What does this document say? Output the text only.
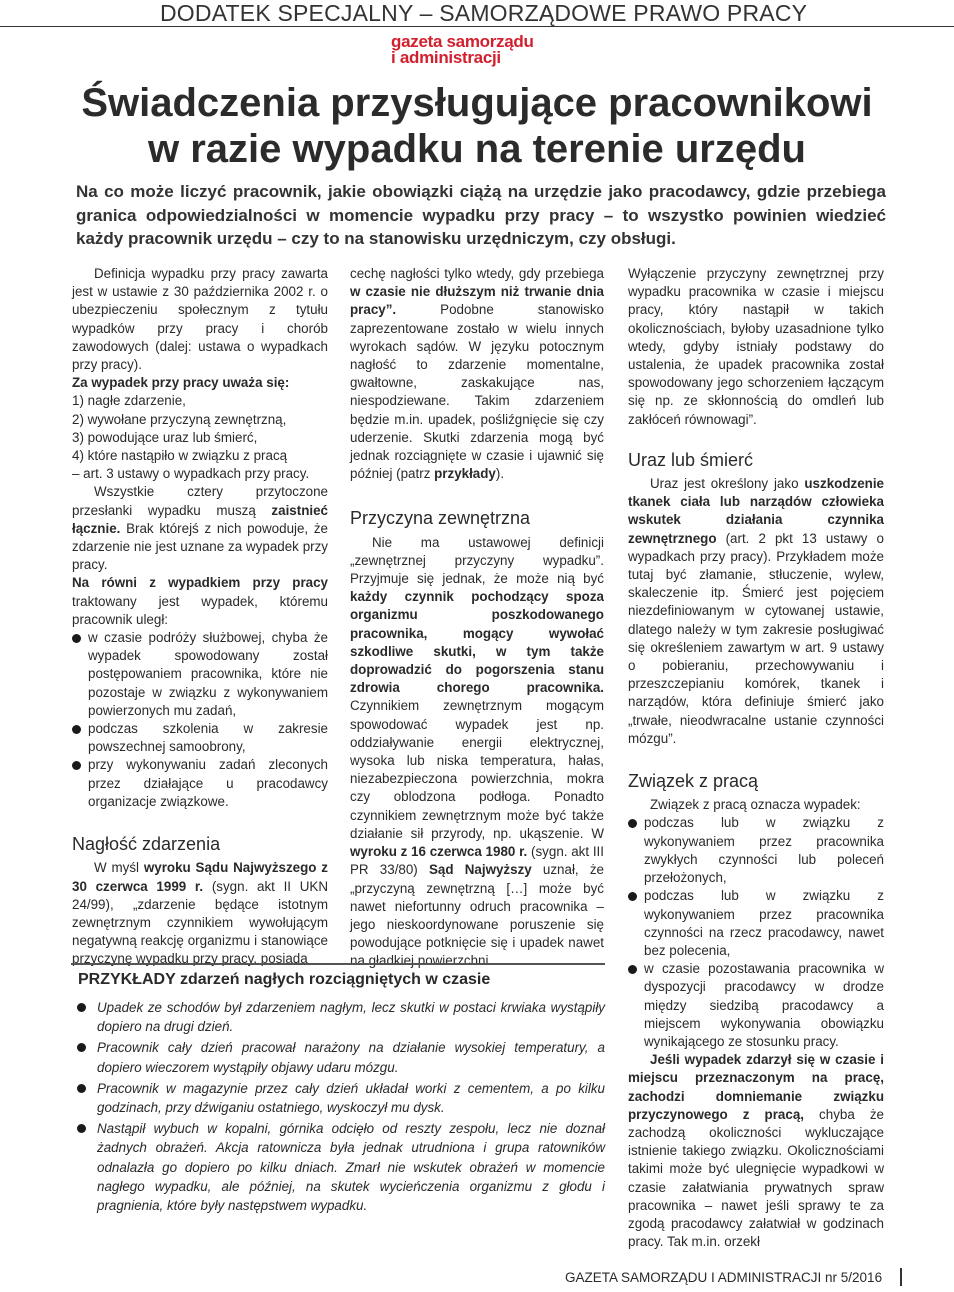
DODATEK SPECJALNY – SAMORZĄDOWE PRAWO PRACY
gazeta samorządu
i administracji
Świadczenia przysługujące pracownikowi
w razie wypadku na terenie urzędu

Na co może liczyć pracownik, jakie obowiązki ciążą na urzędzie jako pracodawcy, gdzie przebiega granica odpowiedzialności w momencie wypadku przy pracy – to wszystko powinien wiedzieć każdy pracownik urzędu – czy to na stanowisku urzędniczym, czy obsługi.

Definicja wypadku przy pracy zawarta jest w ustawie z 30 października 2002 r. o ubezpieczeniu społecznym z tytułu wypadków przy pracy i chorób zawodowych (dalej: ustawa o wypadkach przy pracy).

Za wypadek przy pracy uważa się:

1) nagłe zdarzenie,

2) wywołane przyczyną zewnętrzną,

3) powodujące uraz lub śmierć,

4) które nastąpiło w związku z pracą

– art. 3 ustawy o wypadkach przy pracy.

Wszystkie cztery przytoczone przesłanki wypadku muszą zaistnieć łącznie. Brak którejś z nich powoduje, że zdarzenie nie jest uznane za wypadek przy pracy.

Na równi z wypadkiem przy pracy traktowany jest wypadek, któremu pracownik uległ:

w czasie podróży służbowej, chyba że wypadek spowodowany został postępowaniem pracownika, które nie pozostaje w związku z wykonywaniem powierzonych mu zadań,
podczas szkolenia w zakresie powszechnej samoobrony,
przy wykonywaniu zadań zleconych przez działające u pracodawcy organizacje związkowe.
Nagłość zdarzenia

W myśl wyroku Sądu Najwyższego z 30 czerwca 1999 r. (sygn. akt II UKN 24/99), „zdarzenie będące istotnym zewnętrznym czynnikiem wywołującym negatywną reakcję organizmu i stanowiące przyczynę wypadku przy pracy, posiada

cechę nagłości tylko wtedy, gdy przebiega w czasie nie dłuższym niż trwanie dnia pracy”. Podobne stanowisko zaprezentowane zostało w wielu innych wyrokach sądów. W języku potocznym nagłość to zdarzenie momentalne, gwałtowne, zaskakujące nas, niespodziewane. Takim zdarzeniem będzie m.in. upadek, pośliźgnięcie się czy uderzenie. Skutki zdarzenia mogą być jednak rozciągnięte w czasie i ujawnić się później (patrz przykłady).

Przyczyna zewnętrzna

Nie ma ustawowej definicji „zewnętrznej przyczyny wypadku”. Przyjmuje się jednak, że może nią być każdy czynnik pochodzący spoza organizmu poszkodowanego pracownika, mogący wywołać szkodliwe skutki, w tym także doprowadzić do pogorszenia stanu zdrowia chorego pracownika. Czynnikiem zewnętrznym mogącym spowodować wypadek jest np. oddziaływanie energii elektrycznej, wysoka lub niska temperatura, hałas, niezabezpieczona powierzchnia, mokra czy oblodzona podłoga. Ponadto czynnikiem zewnętrznym może być także działanie sił przyrody, np. ukąszenie. W wyroku z 16 czerwca 1980 r. (sygn. akt III PR 33/80) Sąd Najwyższy uznał, że „przyczyną zewnętrzną […] może być nawet niefortunny odruch pracownika – jego nieskoordynowane poruszenie się powodujące potknięcie się i upadek nawet na gładkiej powierzchni.

Wyłączenie przyczyny zewnętrznej przy wypadku pracownika w czasie i miejscu pracy, który nastąpił w takich okolicznościach, byłoby uzasadnione tylko wtedy, gdyby istniały podstawy do ustalenia, że upadek pracownika został spowodowany jego schorzeniem łączącym się np. ze skłonnością do omdleń lub zakłóceń równowagi”.

Uraz lub śmierć

Uraz jest określony jako uszkodzenie tkanek ciała lub narządów człowieka wskutek działania czynnika zewnętrznego (art. 2 pkt 13 ustawy o wypadkach przy pracy). Przykładem może tutaj być złamanie, stłuczenie, wylew, skaleczenie itp. Śmierć jest pojęciem niezdefiniowanym w cytowanej ustawie, dlatego należy w tym zakresie posługiwać się określeniem zawartym w art. 9 ustawy o pobieraniu, przechowywaniu i przeszczepianiu komórek, tkanek i narządów, która definiuje śmierć jako „trwałe, nieodwracalne ustanie czynności mózgu”.

Związek z pracą

Związek z pracą oznacza wypadek:

podczas lub w związku z wykonywaniem przez pracownika zwykłych czynności lub poleceń przełożonych,
podczas lub w związku z wykonywaniem przez pracownika czynności na rzecz pracodawcy, nawet bez polecenia,
w czasie pozostawania pracownika w dyspozycji pracodawcy w drodze między siedzibą pracodawcy a miejscem wykonywania obowiązku wynikającego ze stosunku pracy.

Jeśli wypadek zdarzył się w czasie i miejscu przeznaczonym na pracę, zachodzi domniemanie związku przyczynowego z pracą, chyba że zachodzą okoliczności wykluczające istnienie takiego związku. Okolicznościami takimi może być ulegnięcie wypadkowi w czasie załatwiania prywatnych spraw pracownika – nawet jeśli sprawy te za zgodą pracodawcy załatwiał w godzinach pracy. Tak m.in. orzekł

PRZYKŁADY zdarzeń nagłych rozciągniętych w czasie
Upadek ze schodów był zdarzeniem nagłym, lecz skutki w postaci krwiaka wystąpiły dopiero na drugi dzień.
Pracownik cały dzień pracował narażony na działanie wysokiej temperatury, a dopiero wieczorem wystąpiły objawy udaru mózgu.
Pracownik w magazynie przez cały dzień układał worki z cementem, a po kilku godzinach, przy dźwiganiu ostatniego, wyskoczył mu dysk.
Nastąpił wybuch w kopalni, górnika odcięło od reszty zespołu, lecz nie doznał żadnych obrażeń. Akcja ratownicza była jednak utrudniona i grupa ratowników odnalazła go dopiero po kilku dniach. Zmarł nie wskutek obrażeń w momencie nagłego wypadku, ale później, na skutek wycieńczenia organizmu z głodu i pragnienia, które były następstwem wypadku.
GAZETA SAMORZĄDU I ADMINISTRACJI nr 5/2016
